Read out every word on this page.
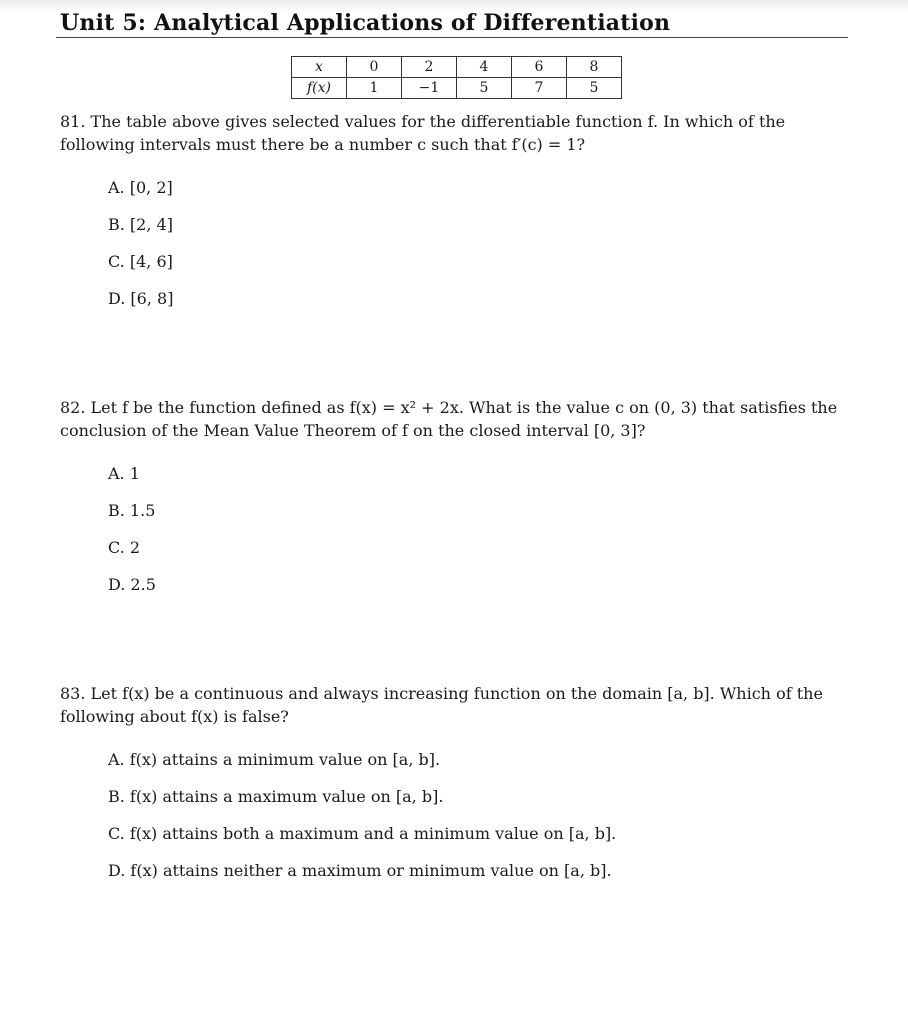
Unit 5: Analytical Applications of Differentiation
x	0	2	4	6	8
f(x)	1	−1	5	7	5

81. The table above gives selected values for the differentiable function f. In which of the following intervals must there be a number c such that f′(c) = 1?

A. [0, 2]
B. [2, 4]
C. [4, 6]
D. [6, 8]

82. Let f be the function defined as f(x) = x² + 2x. What is the value c on (0, 3) that satisfies the conclusion of the Mean Value Theorem of f on the closed interval [0, 3]?

A. 1
B. 1.5
C. 2
D. 2.5

83. Let f(x) be a continuous and always increasing function on the domain [a, b]. Which of the following about f(x) is false?

A. f(x) attains a minimum value on [a, b].
B. f(x) attains a maximum value on [a, b].
C. f(x) attains both a maximum and a minimum value on [a, b].
D. f(x) attains neither a maximum or minimum value on [a, b].
